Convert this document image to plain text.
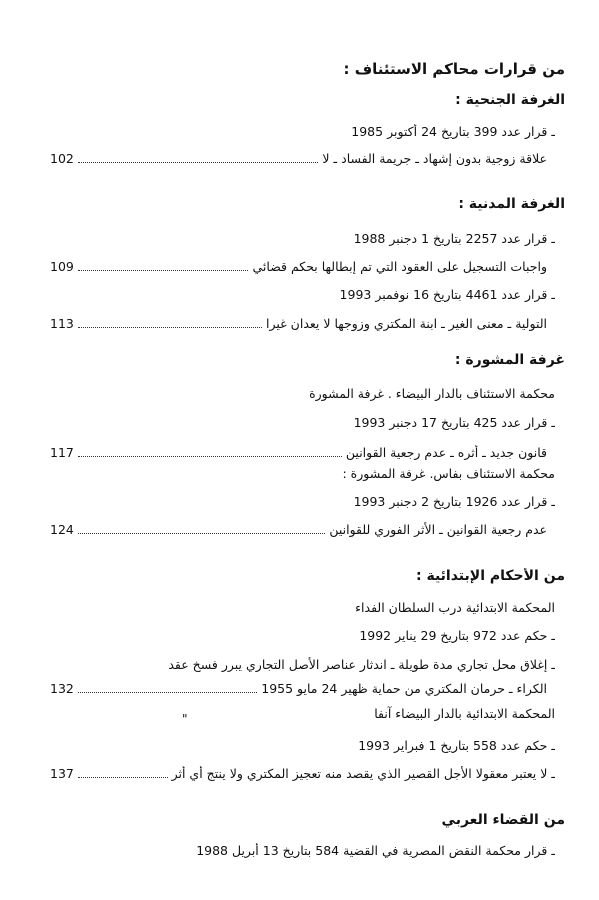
من قرارات محاكم الاستئناف :
الغرفة الجنحية :
ـ قرار عدد 399 بتاريخ 24 أكتوبر 1985
علاقة زوجية بدون إشهاد ـ جريمة الفساد ـ لا
102
الغرفة المدنية :
ـ قرار عدد 2257 بتاريخ 1 دجنبر 1988
واجبات التسجيل على العقود التي تم إبطالها بحكم قضائي
109
ـ قرار عدد 4461 بتاريخ 16 نوفمبر 1993
التولية ـ معنى الغير ـ ابنة المكتري وزوجها لا يعدان غيرا
113
غرفة المشورة :
محكمة الاستئناف بالدار البيضاء . غرفة المشورة
ـ قرار عدد 425 بتاريخ 17 دجنبر 1993
قانون جديد ـ أثره ـ عدم رجعية القوانين
117
محكمة الاستئناف بفاس. غرفة المشورة :
ـ قرار عدد 1926 بتاريخ 2 دجنبر 1993
عدم رجعية القوانين ـ الأثر الفوري للقوانين
124
من الأحكام الإبتدائية :
المحكمة الابتدائية درب السلطان الفداء
ـ حكم عدد 972 بتاريخ 29 يناير 1992
ـ إغلاق محل تجاري مدة طويلة ـ اندثار عناصر الأصل التجاري يبرر فسخ عقد
الكراء ـ حرمان المكتري من حماية ظهير 24 مايو 1955
132
"	المحكمة الابتدائية بالدار البيضاء آنفا
ـ حكم عدد 558 بتاريخ 1 فبراير 1993
ـ لا يعتبر معقولا الأجل القصير الذي يقصد منه تعجيز المكتري ولا ينتج أي أثر
137
من القضاء العربي
ـ قرار محكمة النقض المصرية في القضية 584 بتاريخ 13 أبريل 1988
